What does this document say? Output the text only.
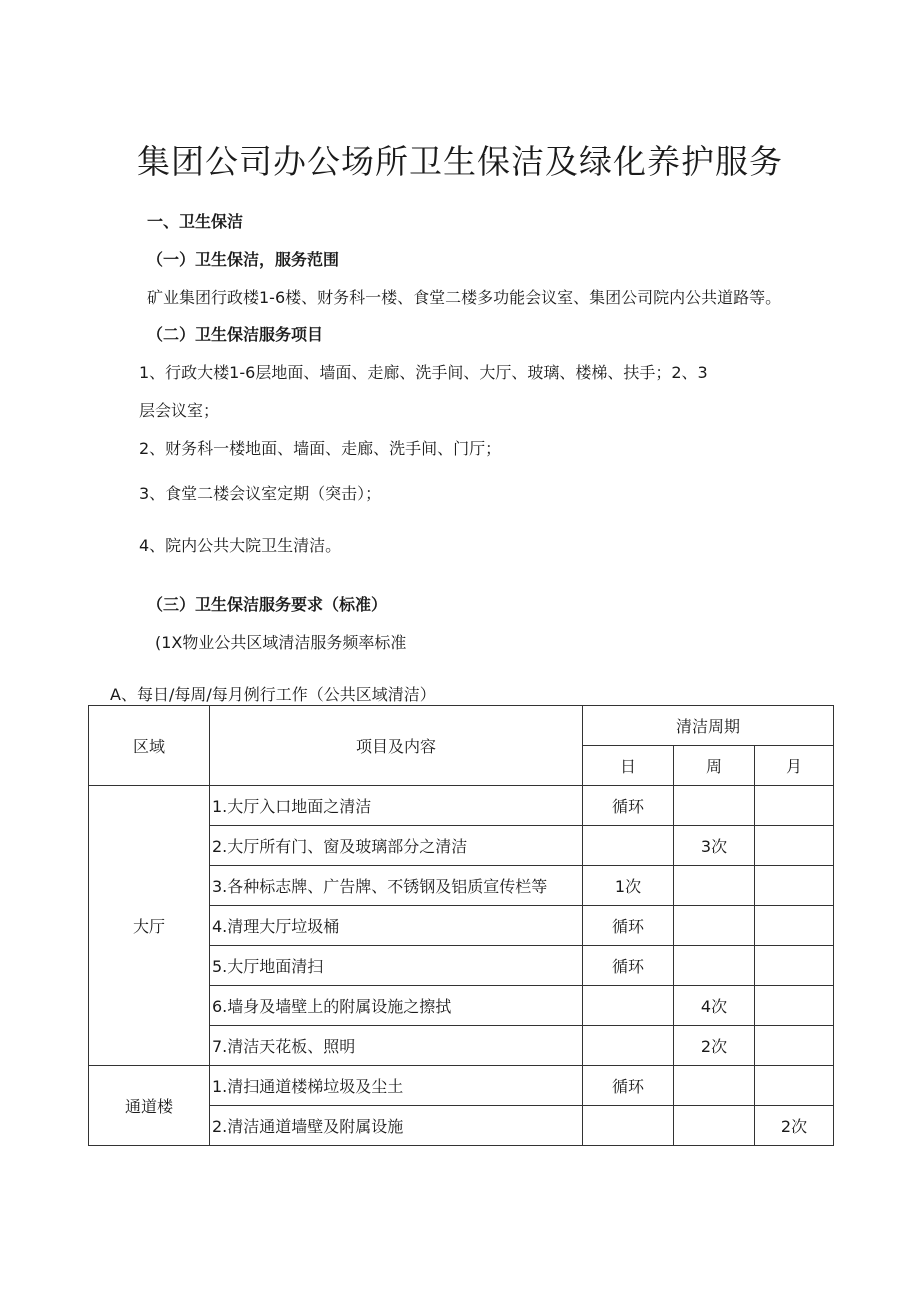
集团公司办公场所卫生保洁及绿化养护服务
一、卫生保洁
（一）卫生保洁，服务范围
矿业集团行政楼1-6楼、财务科一楼、食堂二楼多功能会议室、集团公司院内公共道路等。
（二）卫生保洁服务项目
1、行政大楼1-6层地面、墙面、走廊、洗手间、大厅、玻璃、楼梯、扶手；2、3
层会议室；
2、财务科一楼地面、墙面、走廊、洗手间、门厅；
3、食堂二楼会议室定期（突击）；
4、院内公共大院卫生清洁。
（三）卫生保洁服务要求（标准）
(1X物业公共区域清洁服务频率标准
A、每日/每周/每月例行工作（公共区域清洁）
区域	项目及内容	清洁周期		
		日	周	月
大厅	1.大厅入口地面之清洁	循环		
	2.大厅所有门、窗及玻璃部分之清洁		3次	
	3.各种标志牌、广告牌、不锈钢及铝质宣传栏等	1次		
	4.清理大厅垃圾桶	循环		
	5.大厅地面清扫	循环		
	6.墙身及墙壁上的附属设施之擦拭		4次	
	7.清洁天花板、照明		2次	
通道楼	1.清扫通道楼梯垃圾及尘土	循环		
	2.清洁通道墙壁及附属设施			2次
